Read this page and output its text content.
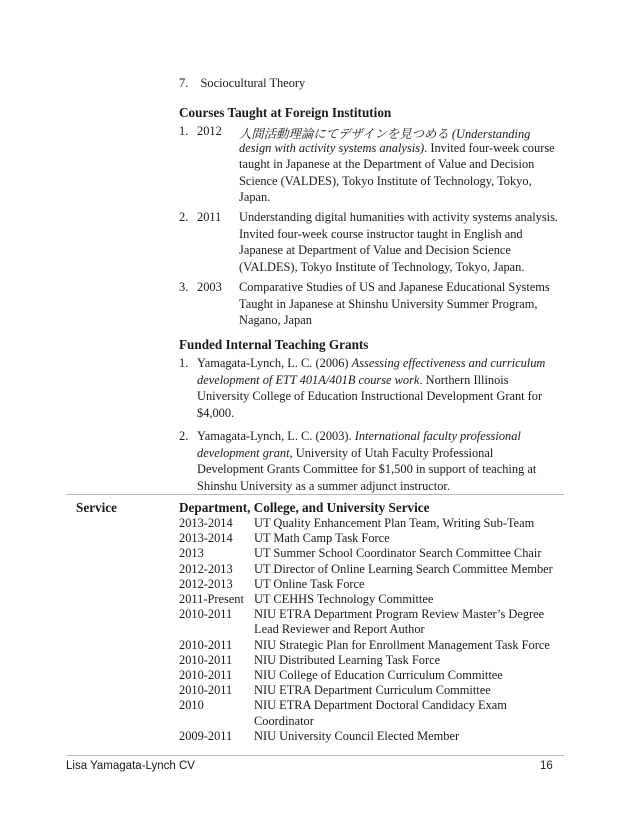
7. Sociocultural Theory
Courses Taught at Foreign Institution
1. 2012 人間活動理論にてデザインを見つめる (Understanding
design with activity systems analysis). Invited four-week course
taught in Japanese at the Department of Value and Decision
Science (VALDES), Tokyo Institute of Technology, Tokyo,
Japan.
2. 2011 Understanding digital humanities with activity systems analysis.
Invited four-week course instructor taught in English and
Japanese at Department of Value and Decision Science
(VALDES), Tokyo Institute of Technology, Tokyo, Japan.
3. 2003 Comparative Studies of US and Japanese Educational Systems
Taught in Japanese at Shinshu University Summer Program,
Nagano, Japan
Funded Internal Teaching Grants
1. Yamagata-Lynch, L. C. (2006) Assessing effectiveness and curriculum
development of ETT 401A/401B course work. Northern Illinois
University College of Education Instructional Development Grant for
$4,000.
2. Yamagata-Lynch, L. C. (2003). International faculty professional
development grant, University of Utah Faculty Professional
Development Grants Committee for $1,500 in support of teaching at
Shinshu University as a summer adjunct instructor.
Service	Department, College, and University Service
2013-2014 UT Quality Enhancement Plan Team, Writing Sub-Team
2013-2014 UT Math Camp Task Force
2013	UT Summer School Coordinator Search Committee Chair
2012-2013 UT Director of Online Learning Search Committee Member
2012-2013 UT Online Task Force
2011-Present UT CEHHS Technology Committee
2010-2011 NIU ETRA Department Program Review Master’s Degree
Lead Reviewer and Report Author
2010-2011 NIU Strategic Plan for Enrollment Management Task Force
2010-2011 NIU Distributed Learning Task Force
2010-2011 NIU College of Education Curriculum Committee
2010-2011 NIU ETRA Department Curriculum Committee
2010	NIU ETRA Department Doctoral Candidacy Exam
Coordinator
2009-2011 NIU University Council Elected Member
Lisa Yamagata-Lynch CV	16
